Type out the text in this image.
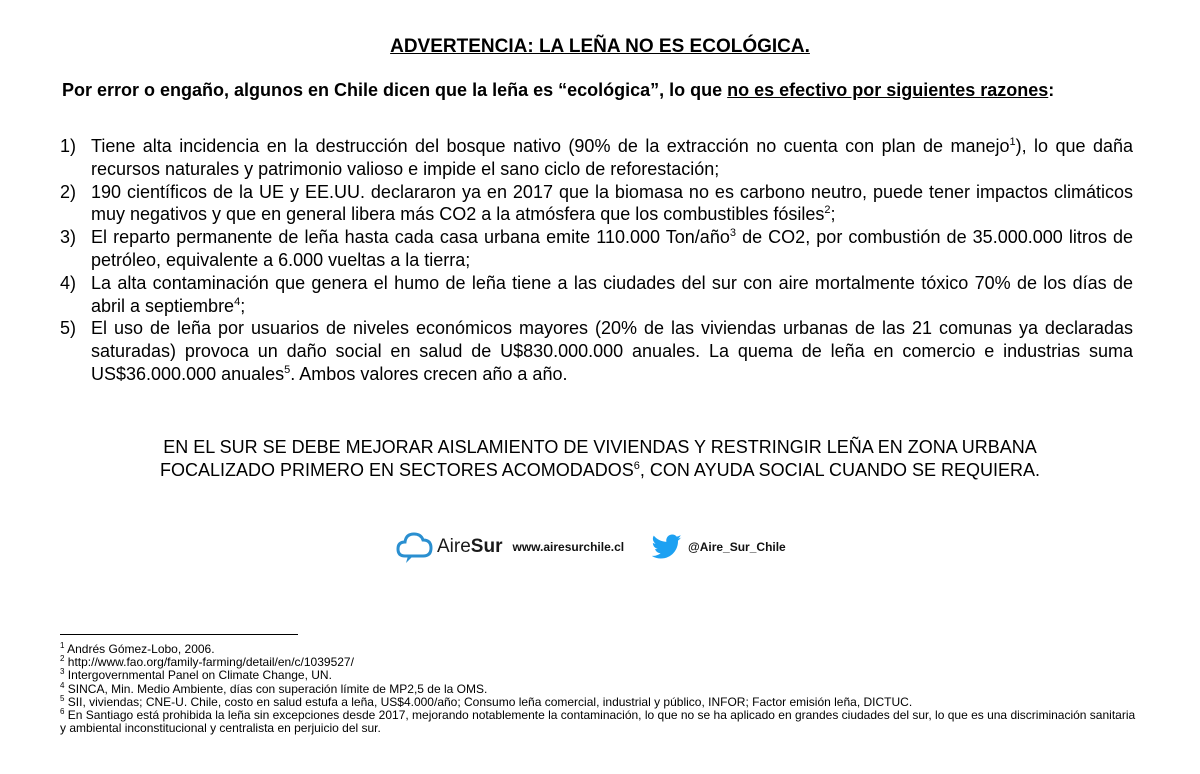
ADVERTENCIA: LA LEÑA NO ES ECOLÓGICA.
Por error o engaño, algunos en Chile dicen que la leña es “ecológica”, lo que no es efectivo por siguientes razones:
1) Tiene alta incidencia en la destrucción del bosque nativo (90% de la extracción no cuenta con plan de manejo$^1$), lo que daña recursos naturales y patrimonio valioso e impide el sano ciclo de reforestación;
2) 190 científicos de la UE y EE.UU. declararon ya en 2017 que la biomasa no es carbono neutro, puede tener impactos climáticos muy negativos y que en general libera más CO2 a la atmósfera que los combustibles fósiles$^2$;
3) El reparto permanente de leña hasta cada casa urbana emite 110.000 Ton/año$^3$ de CO2, por combustión de 35.000.000 litros de petróleo, equivalente a 6.000 vueltas a la tierra;
4) La alta contaminación que genera el humo de leña tiene a las ciudades del sur con aire mortalmente tóxico 70% de los días de abril a septiembre$^4$;
5) El uso de leña por usuarios de niveles económicos mayores (20% de las viviendas urbanas de las 21 comunas ya declaradas saturadas) provoca un daño social en salud de U$830.000.000 anuales. La quema de leña en comercio e industrias suma US$36.000.000 anuales$^5$. Ambos valores crecen año a año.
EN EL SUR SE DEBE MEJORAR AISLAMIENTO DE VIVIENDAS Y RESTRINGIR LEÑA EN ZONA URBANA
FOCALIZADO PRIMERO EN SECTORES ACOMODADOS$^6$, CON AYUDA SOCIAL CUANDO SE REQUIERA.
AireSur www.airesurchile.cl	@Aire_Sur_Chile
$^1$ Andrés Gómez-Lobo, 2006.
$^2$ http://www.fao.org/family-farming/detail/en/c/1039527/
$^3$ Intergovernmental Panel on Climate Change, UN.
$^4$ SINCA, Min. Medio Ambiente, días con superación límite de MP2,5 de la OMS.
$^5$ SII, viviendas; CNE-U. Chile, costo en salud estufa a leña, US$4.000/año; Consumo leña comercial, industrial y público, INFOR; Factor emisión leña, DICTUC.
$^6$ En Santiago está prohibida la leña sin excepciones desde 2017, mejorando notablemente la contaminación, lo que no se ha aplicado en grandes ciudades del sur, lo que es una discriminación sanitaria y ambiental inconstitucional y centralista en perjuicio del sur.
